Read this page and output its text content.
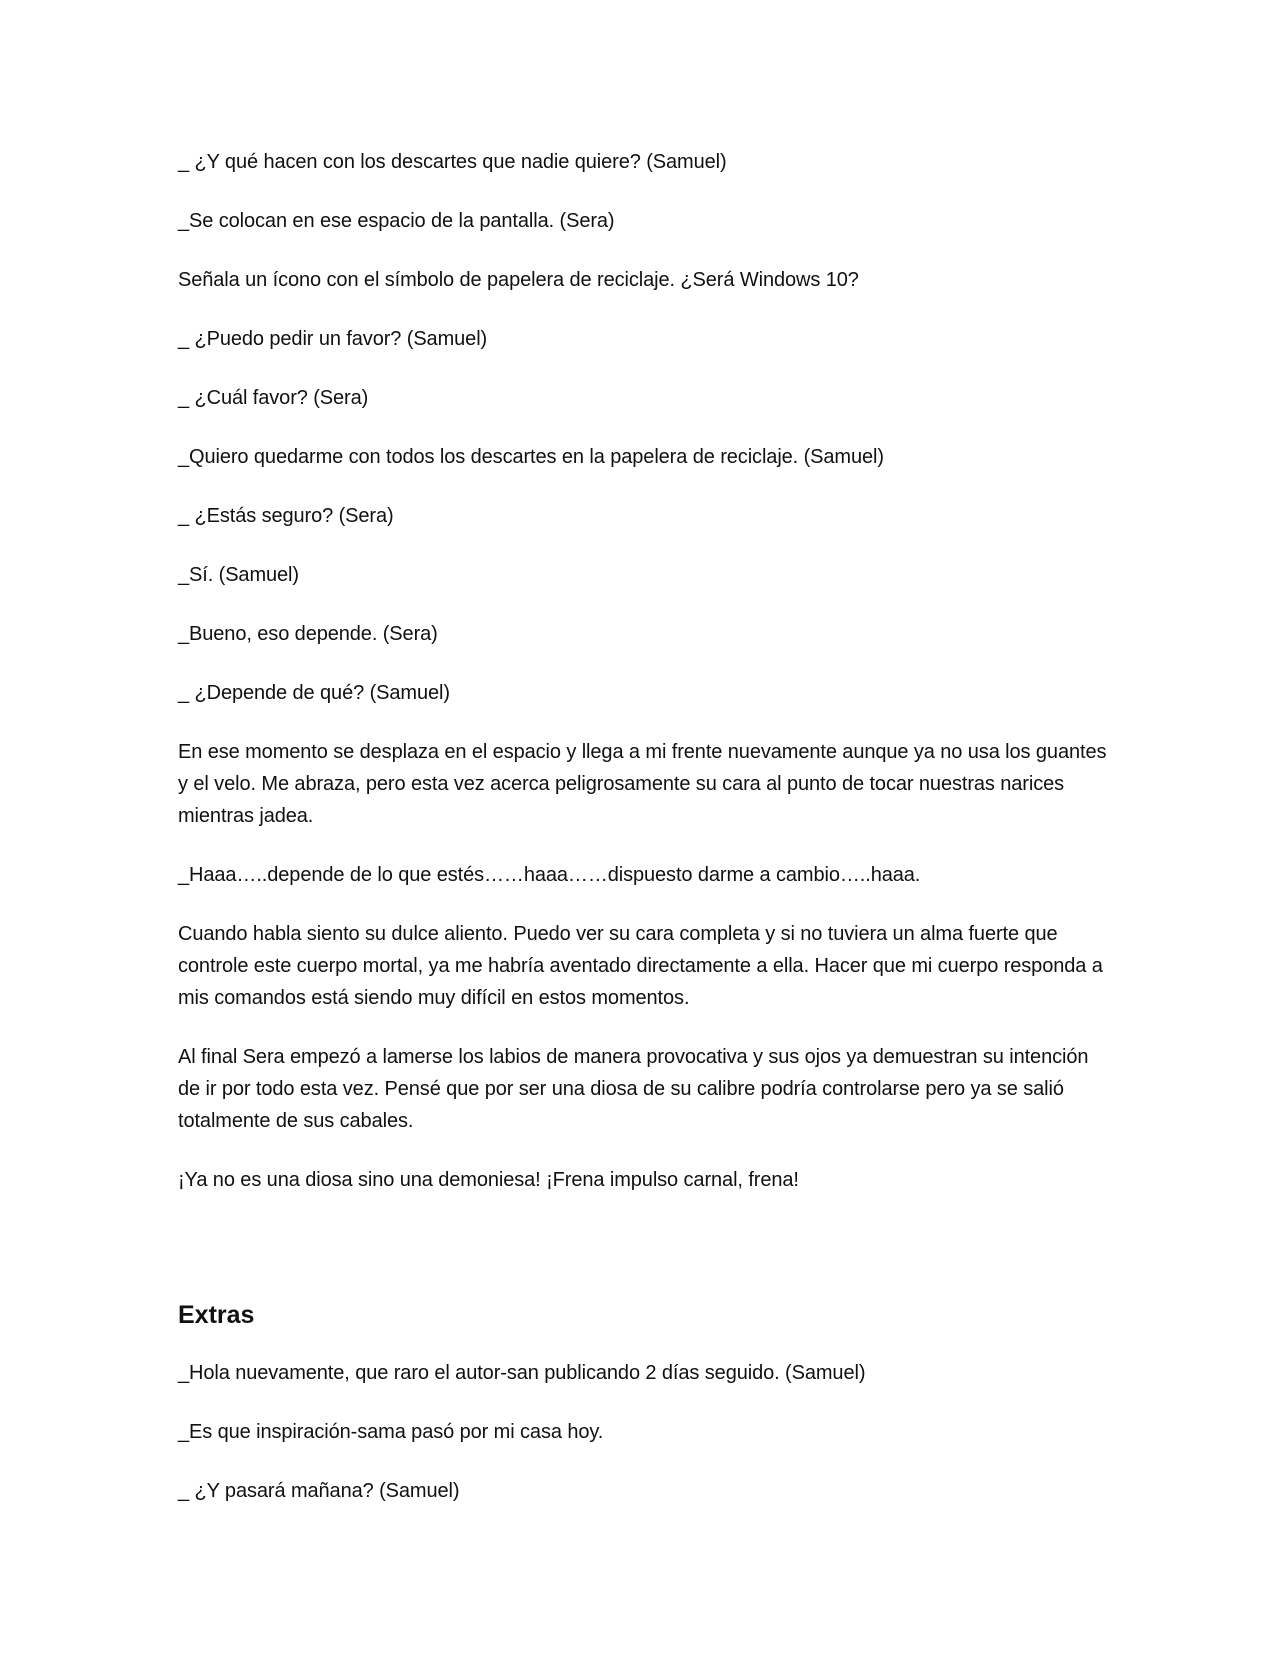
_ ¿Y qué hacen con los descartes que nadie quiere? (Samuel)

_Se colocan en ese espacio de la pantalla. (Sera)

Señala un ícono con el símbolo de papelera de reciclaje. ¿Será Windows 10?

_ ¿Puedo pedir un favor? (Samuel)

_ ¿Cuál favor? (Sera)

_Quiero quedarme con todos los descartes en la papelera de reciclaje. (Samuel)

_ ¿Estás seguro? (Sera)

_Sí. (Samuel)

_Bueno, eso depende. (Sera)

_ ¿Depende de qué? (Samuel)

En ese momento se desplaza en el espacio y llega a mi frente nuevamente aunque ya no usa los guantes y el velo. Me abraza, pero esta vez acerca peligrosamente su cara al punto de tocar nuestras narices mientras jadea.

_Haaa…..depende de lo que estés……haaa……dispuesto darme a cambio…..haaa.

Cuando habla siento su dulce aliento. Puedo ver su cara completa y si no tuviera un alma fuerte que controle este cuerpo mortal, ya me habría aventado directamente a ella. Hacer que mi cuerpo responda a mis comandos está siendo muy difícil en estos momentos.

Al final Sera empezó a lamerse los labios de manera provocativa y sus ojos ya demuestran su intención de ir por todo esta vez. Pensé que por ser una diosa de su calibre podría controlarse pero ya se salió totalmente de sus cabales.

¡Ya no es una diosa sino una demoniesa! ¡Frena impulso carnal, frena!

Extras

_Hola nuevamente, que raro el autor-san publicando 2 días seguido. (Samuel)

_Es que inspiración-sama pasó por mi casa hoy.

_ ¿Y pasará mañana? (Samuel)
